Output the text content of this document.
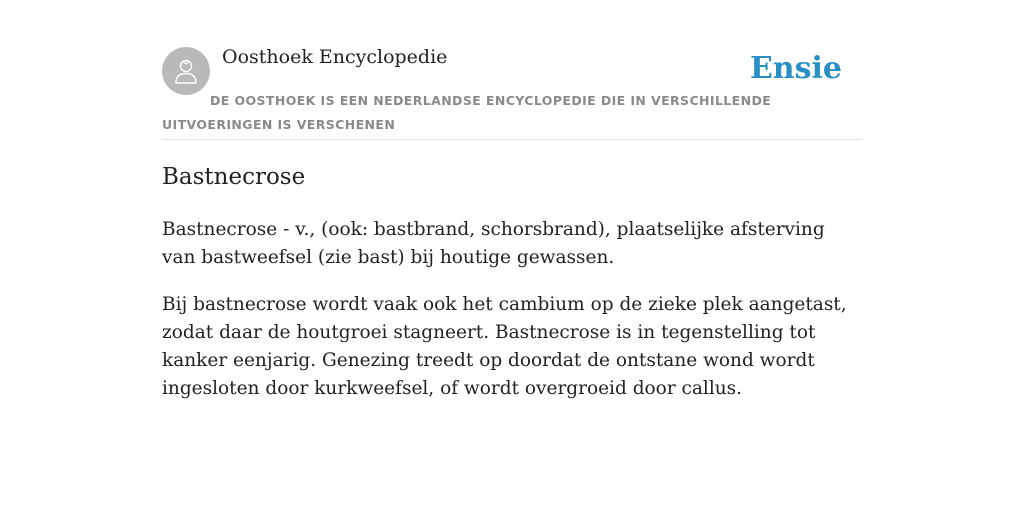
Oosthoek Encyclopedie	Ensie
DE OOSTHOEK IS EEN NEDERLANDSE ENCYCLOPEDIE DIE IN VERSCHILLENDE UITVOERINGEN IS VERSCHENEN
Bastnecrose

Bastnecrose - v., (ook: bastbrand, schorsbrand), plaatselijke afsterving van bastweefsel (zie bast) bij houtige gewassen.

Bij bastnecrose wordt vaak ook het cambium op de zieke plek aangetast, zodat daar de houtgroei stagneert. Bastnecrose is in tegenstelling tot kanker eenjarig. Genezing treedt op doordat de ontstane wond wordt ingesloten door kurkweefsel, of wordt overgroeid door callus.
